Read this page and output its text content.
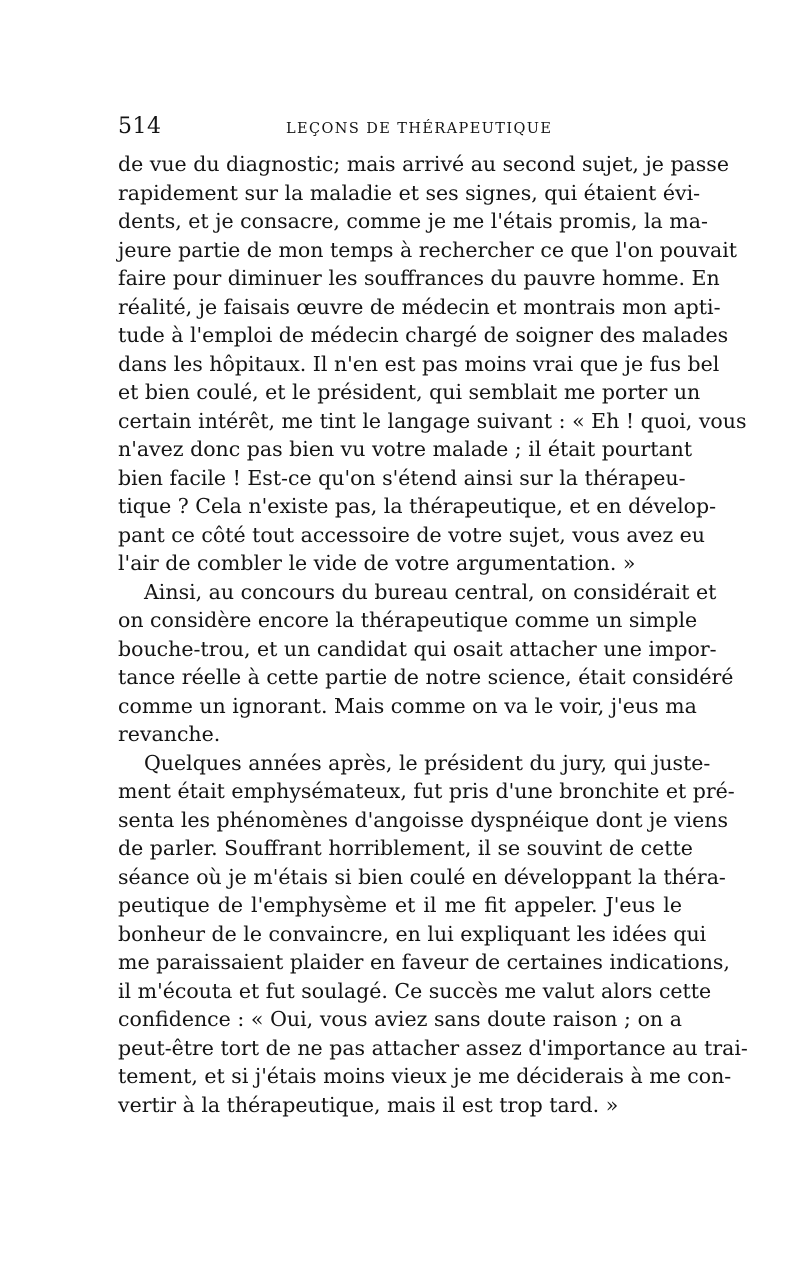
514	LEÇONS DE THÉRAPEUTIQUE
de vue du diagnostic; mais arrivé au second sujet, je passe
rapidement sur la maladie et ses signes, qui étaient évi-
dents, et je consacre, comme je me l'étais promis, la ma-
jeure partie de mon temps à rechercher ce que l'on pouvait
faire pour diminuer les souffrances du pauvre homme. En
réalité, je faisais œuvre de médecin et montrais mon apti-
tude à l'emploi de médecin chargé de soigner des malades
dans les hôpitaux. Il n'en est pas moins vrai que je fus bel
et bien coulé, et le président, qui semblait me porter un
certain intérêt, me tint le langage suivant : « Eh ! quoi, vous
n'avez donc pas bien vu votre malade ; il était pourtant
bien facile ! Est-ce qu'on s'étend ainsi sur la thérapeu-
tique ? Cela n'existe pas, la thérapeutique, et en dévelop-
pant ce côté tout accessoire de votre sujet, vous avez eu
l'air de combler le vide de votre argumentation. »
Ainsi, au concours du bureau central, on considérait et
on considère encore la thérapeutique comme un simple
bouche-trou, et un candidat qui osait attacher une impor-
tance réelle à cette partie de notre science, était considéré
comme un ignorant. Mais comme on va le voir, j'eus ma
revanche.
Quelques années après, le président du jury, qui juste-
ment était emphysémateux, fut pris d'une bronchite et pré-
senta les phénomènes d'angoisse dyspnéique dont je viens
de parler. Souffrant horriblement, il se souvint de cette
séance où je m'étais si bien coulé en développant la théra-
peutique de l'emphysème et il me fit appeler. J'eus le
bonheur de le convaincre, en lui expliquant les idées qui
me paraissaient plaider en faveur de certaines indications,
il m'écouta et fut soulagé. Ce succès me valut alors cette
confidence : « Oui, vous aviez sans doute raison ; on a
peut-être tort de ne pas attacher assez d'importance au trai-
tement, et si j'étais moins vieux je me déciderais à me con-
vertir à la thérapeutique, mais il est trop tard. »
